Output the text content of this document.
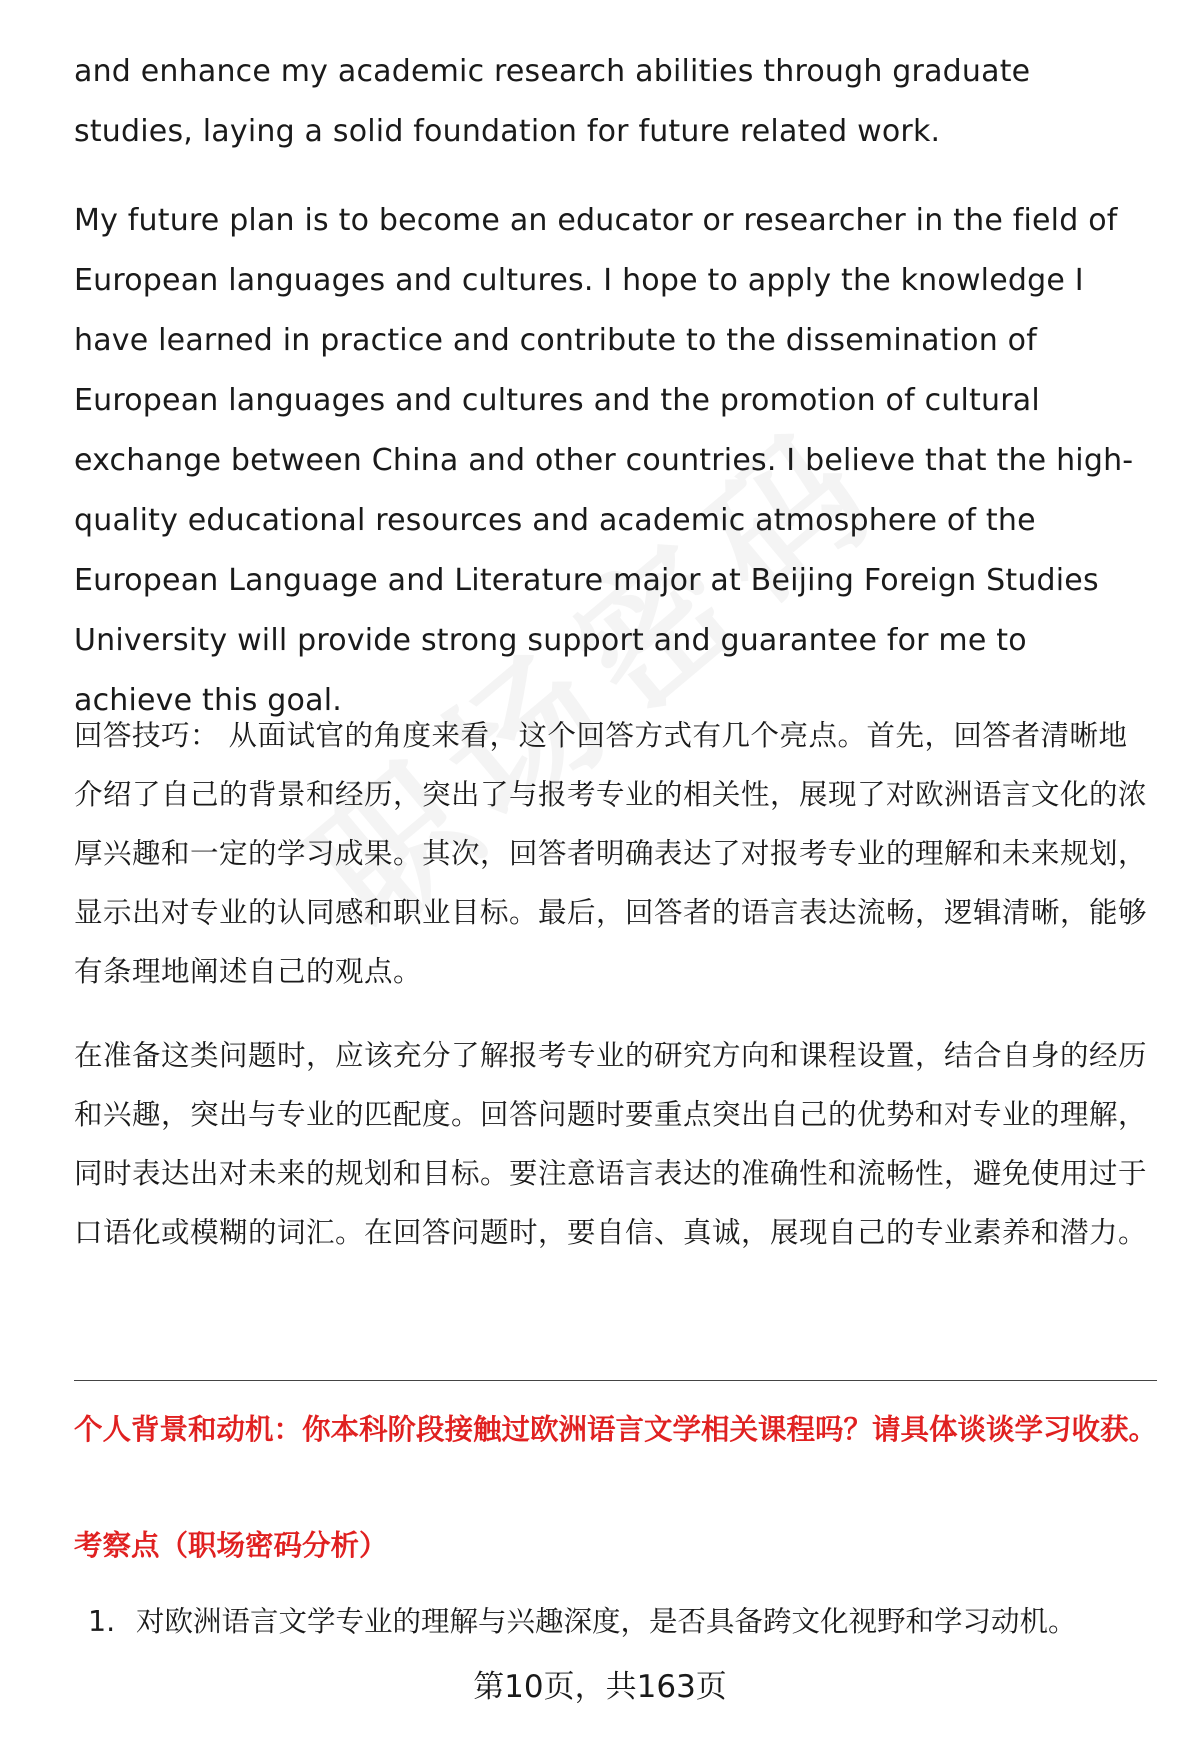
and enhance my academic research abilities through graduate studies, laying a solid foundation for future related work.

My future plan is to become an educator or researcher in the field of European languages and cultures. I hope to apply the knowledge I have learned in practice and contribute to the dissemination of European languages and cultures and the promotion of cultural exchange between China and other countries. I believe that the high-quality educational resources and academic atmosphere of the European Language and Literature major at Beijing Foreign Studies University will provide strong support and guarantee for me to achieve this goal.

回答技巧： 从面试官的角度来看，这个回答方式有几个亮点。首先，回答者清晰地介绍了自己的背景和经历，突出了与报考专业的相关性，展现了对欧洲语言文化的浓厚兴趣和一定的学习成果。其次，回答者明确表达了对报考专业的理解和未来规划，显示出对专业的认同感和职业目标。最后，回答者的语言表达流畅，逻辑清晰，能够有条理地阐述自己的观点。

在准备这类问题时，应该充分了解报考专业的研究方向和课程设置，结合自身的经历和兴趣，突出与专业的匹配度。回答问题时要重点突出自己的优势和对专业的理解，同时表达出对未来的规划和目标。要注意语言表达的准确性和流畅性，避免使用过于口语化或模糊的词汇。在回答问题时，要自信、真诚，展现自己的专业素养和潜力。

个人背景和动机：你本科阶段接触过欧洲语言文学相关课程吗？请具体谈谈学习收获。

考察点（职场密码分析）

1. 对欧洲语言文学专业的理解与兴趣深度，是否具备跨文化视野和学习动机。
第10页，共163页
